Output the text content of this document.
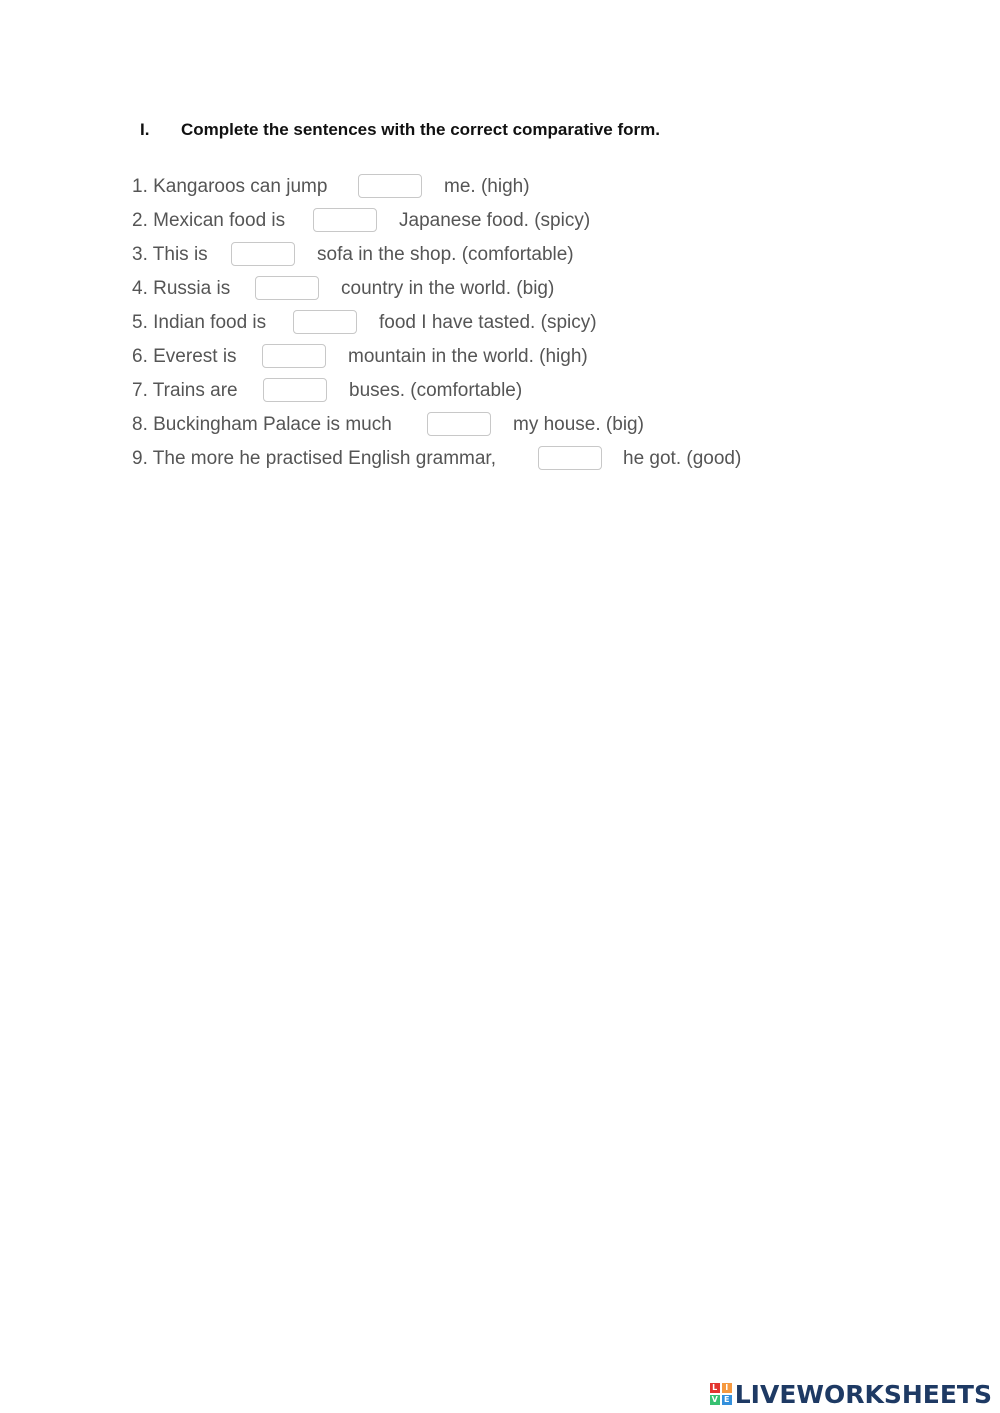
I. Complete the sentences with the correct comparative form.
1. Kangaroos can jump	me. (high)
2. Mexican food is	Japanese food. (spicy)
3. This is	sofa in the shop. (comfortable)
4. Russia is	country in the world. (big)
5. Indian food is	food I have tasted. (spicy)
6. Everest is	mountain in the world. (high)
7. Trains are	buses. (comfortable)
8. Buckingham Palace is much	my house. (big)
9. The more he practised English grammar,	he got. (good)
L I
V E LIVEWORKSHEETS
